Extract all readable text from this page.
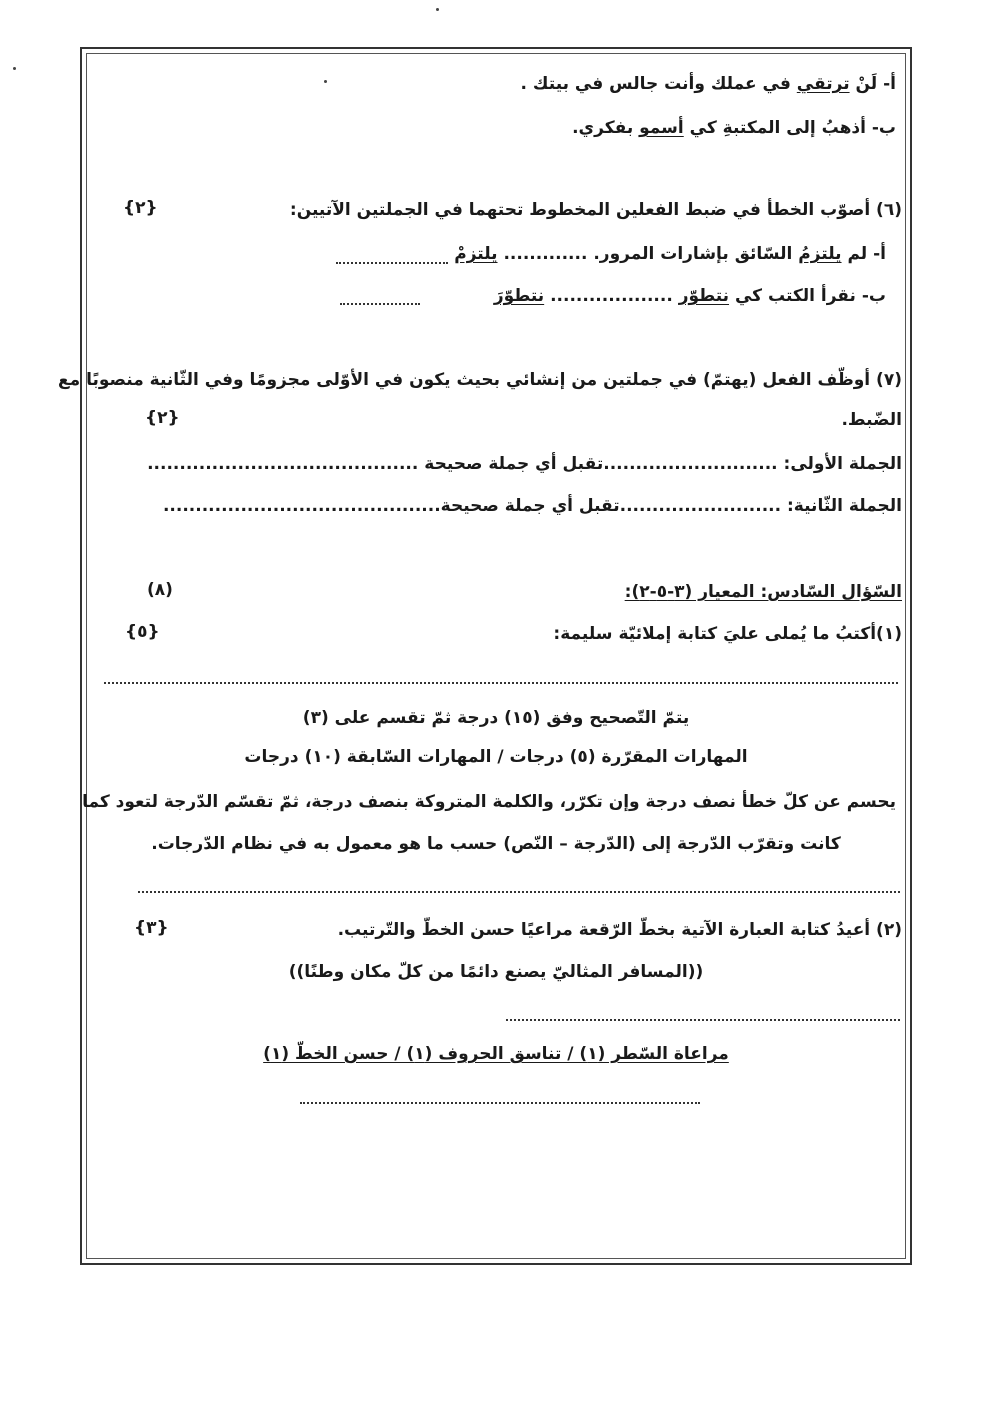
أ- لَنْ ترتقي في عملك وأنت جالس في بيتك .
ب- أذهبُ إلى المكتبةِ كي أسمو بفكري.
(٦) أصوّب الخطأ في ضبط الفعلين المخطوط تحتهما في الجملتين الآتيين:
{٢}
أ- لم يلتزمُ السّائق بإشارات المرور. ............. يلتزمْ
ب- نقرأ الكتب كي نتطوّر ................... نتطوّرَ
(٧) أوظّف الفعل (يهتمّ) في جملتين من إنشائي بحيث يكون في الأوّلى مجزومًا وفي الثّانية منصوبًا مع
الضّبط.
{٢}
الجملة الأولى: ...........................تقبل أي جملة صحيحة ..........................................
الجملة الثّانية: .........................تقبل أي جملة صحيحة...........................................
السّؤال السّادس: المعيار (٣-٥-٢):
(٨)
(١)أكتبُ ما يُملى عليَ كتابة إملائيّة سليمة:
{٥}
يتمّ التّصحيح وفق (١٥) درجة ثمّ تقسم على (٣)
المهارات المقرّرة (٥) درجات / المهارات السّابقة (١٠) درجات
يحسم عن كلّ خطأ نصف درجة وإن تكرّر، والكلمة المتروكة بنصف درجة، ثمّ تقسّم الدّرجة لتعود كما
كانت وتقرّب الدّرجة إلى (الدّرجة – النّص) حسب ما هو معمول به في نظام الدّرجات.
(٢) أعيدُ كتابة العبارة الآتية بخطّ الرّقعة مراعيًا حسن الخطّ والتّرتيب.
{٣}
((المسافر المثاليّ يصنع دائمًا من كلّ مكان وطنًا))
مراعاة السّطر (١) / تناسق الحروف (١) / حسن الخطّ (١)
